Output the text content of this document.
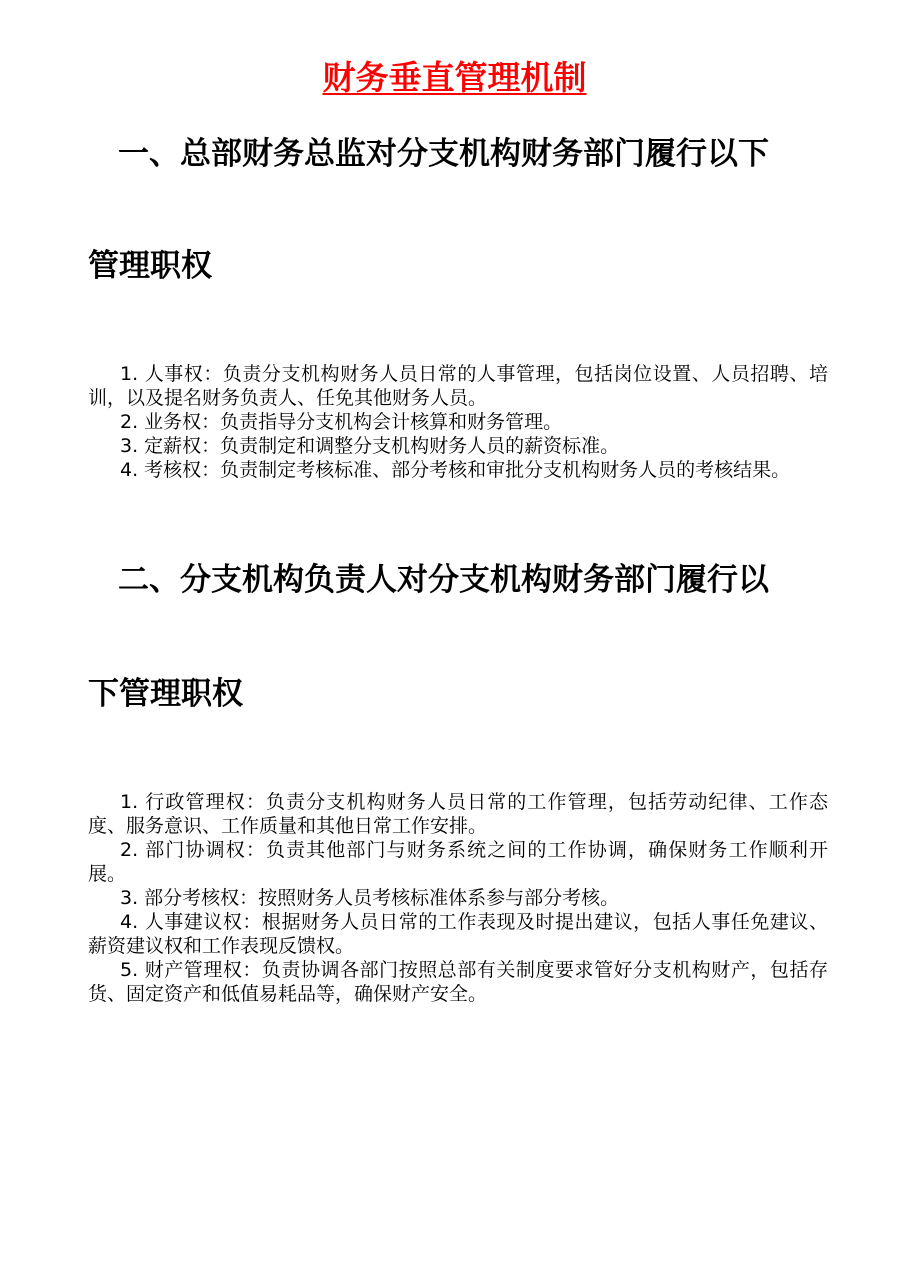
财务垂直管理机制
一、总部财务总监对分支机构财务部门履行以下
管理职权

1. 人事权：负责分支机构财务人员日常的人事管理，包括岗位设置、人员招聘、培训，以及提名财务负责人、任免其他财务人员。

2. 业务权：负责指导分支机构会计核算和财务管理。

3. 定薪权：负责制定和调整分支机构财务人员的薪资标准。

4. 考核权：负责制定考核标准、部分考核和审批分支机构财务人员的考核结果。

二、分支机构负责人对分支机构财务部门履行以
下管理职权

1. 行政管理权：负责分支机构财务人员日常的工作管理，包括劳动纪律、工作态度、服务意识、工作质量和其他日常工作安排。

2. 部门协调权：负责其他部门与财务系统之间的工作协调，确保财务工作顺利开展。

3. 部分考核权：按照财务人员考核标准体系参与部分考核。

4. 人事建议权：根据财务人员日常的工作表现及时提出建议，包括人事任免建议、薪资建议权和工作表现反馈权。

5. 财产管理权：负责协调各部门按照总部有关制度要求管好分支机构财产，包括存货、固定资产和低值易耗品等，确保财产安全。
